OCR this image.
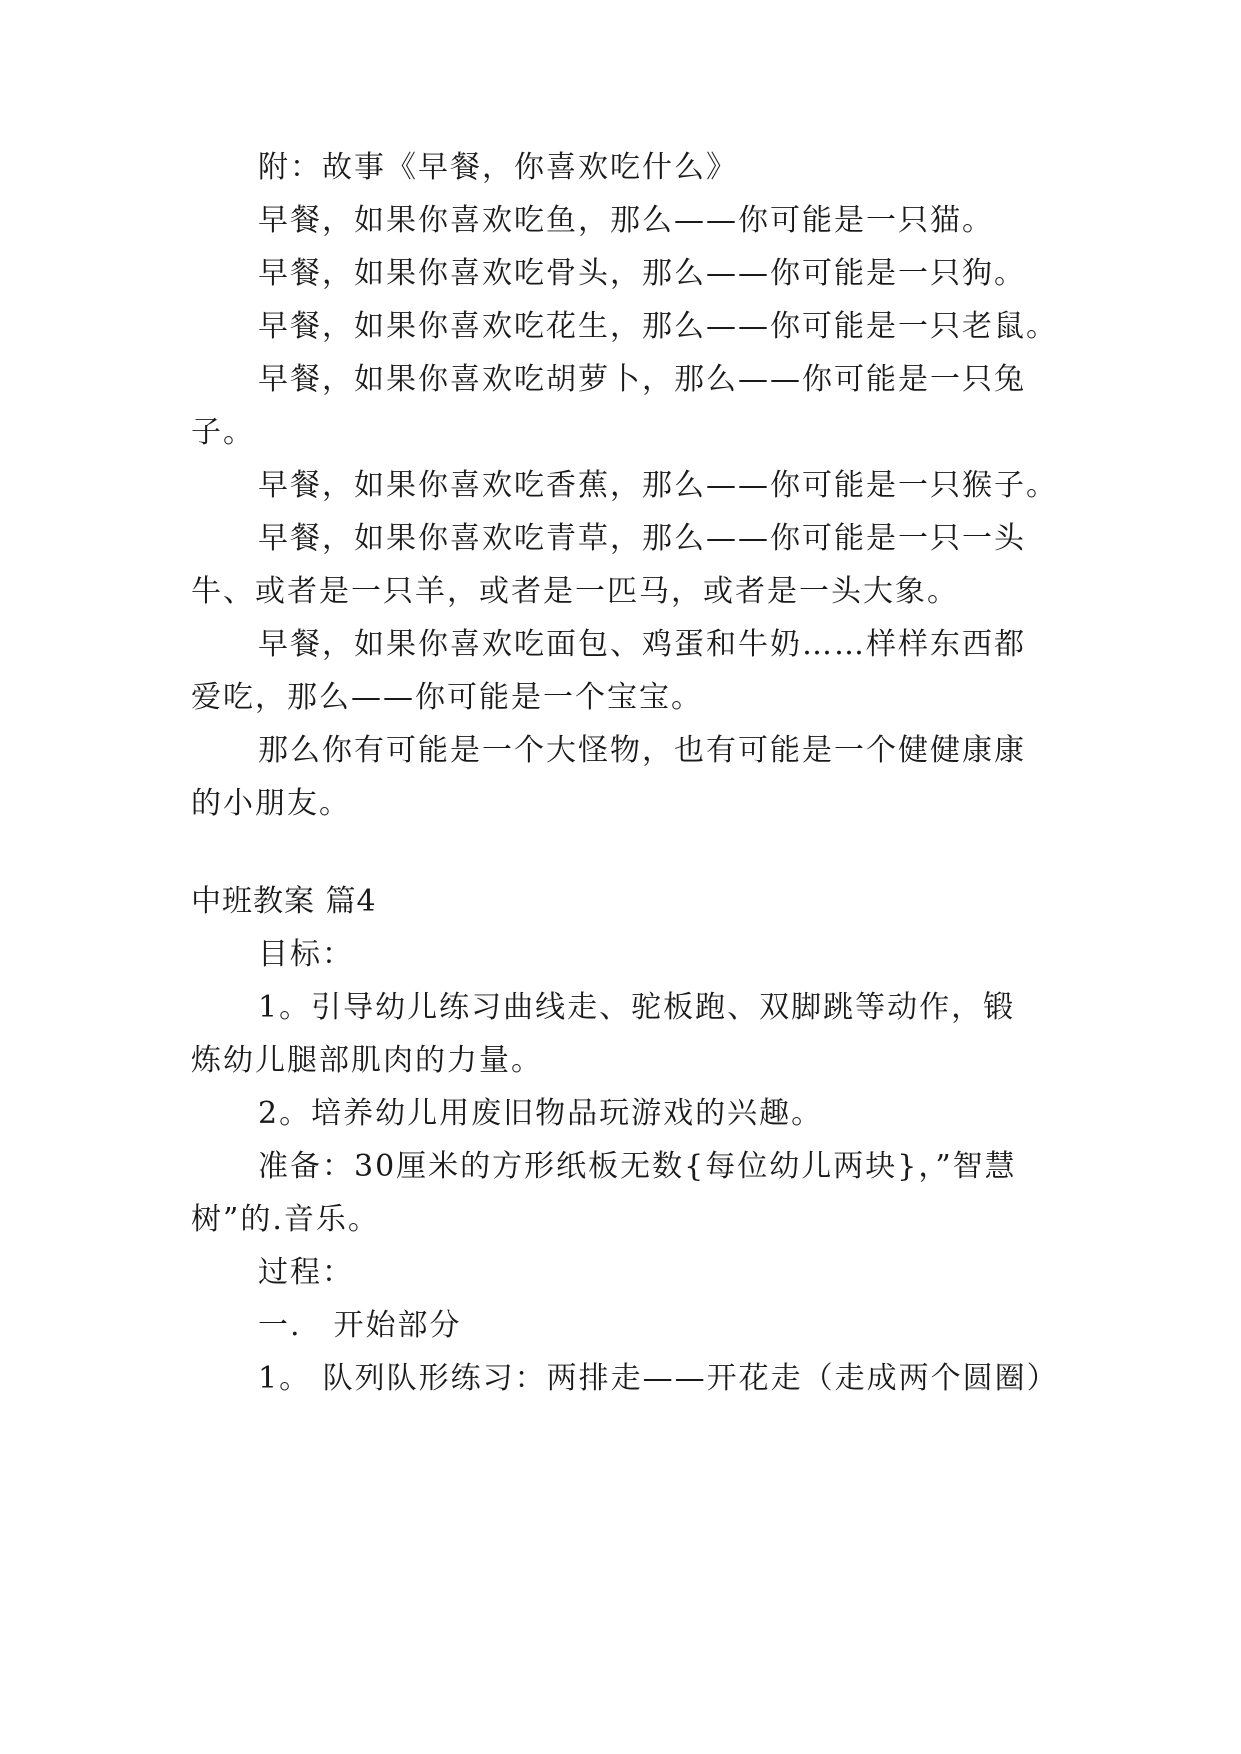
附：故事《早餐，你喜欢吃什么》
早餐，如果你喜欢吃鱼，那么——你可能是一只猫。
早餐，如果你喜欢吃骨头，那么——你可能是一只狗。
早餐，如果你喜欢吃花生，那么——你可能是一只老鼠。
早餐，如果你喜欢吃胡萝卜，那么——你可能是一只兔
子。
早餐，如果你喜欢吃香蕉，那么——你可能是一只猴子。
早餐，如果你喜欢吃青草，那么——你可能是一只一头
牛、或者是一只羊，或者是一匹马，或者是一头大象。
早餐，如果你喜欢吃面包、鸡蛋和牛奶……样样东西都
爱吃，那么——你可能是一个宝宝。
那么你有可能是一个大怪物，也有可能是一个健健康康
的小朋友。
中班教案 篇4
目标：
1。引导幼儿练习曲线走、驼板跑、双脚跳等动作，锻
炼幼儿腿部肌肉的力量。
2。培养幼儿用废旧物品玩游戏的兴趣。
准备：30厘米的方形纸板无数{每位幼儿两块}，”智慧
树”的.音乐。
过程：
一.　开始部分
1。 队列队形练习：两排走——开花走（走成两个圆圈）
